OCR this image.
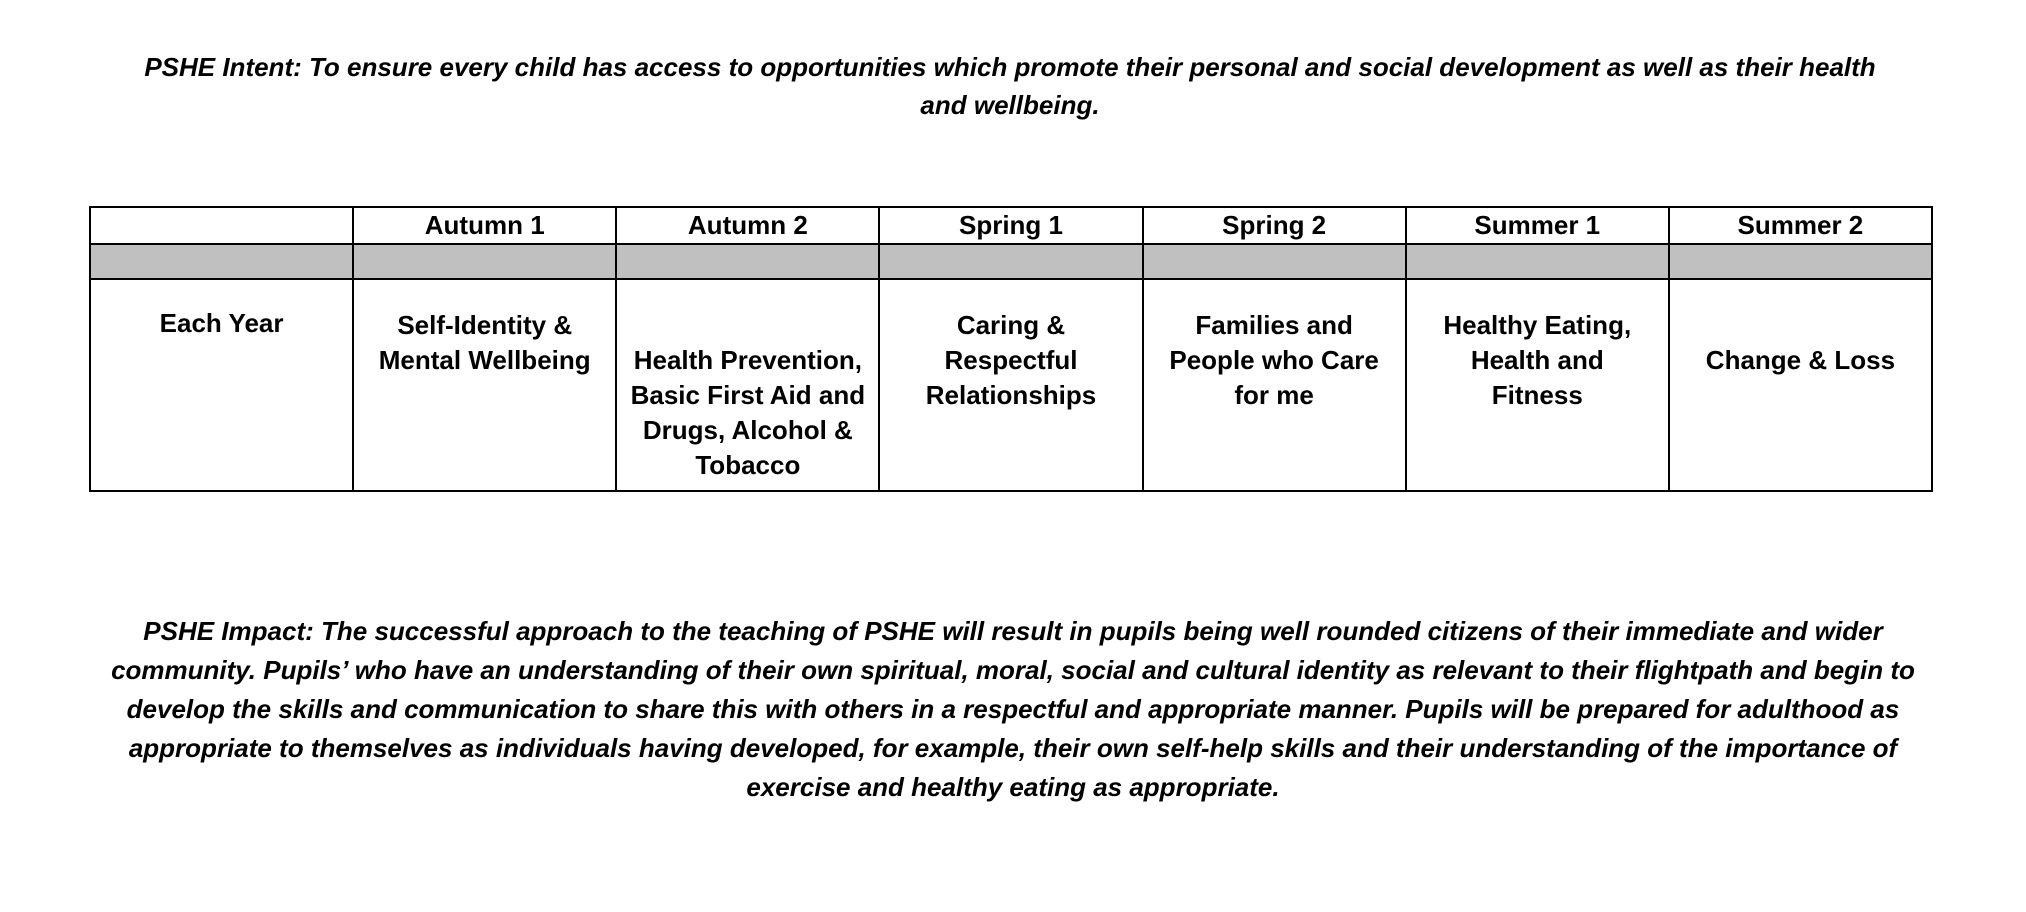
PSHE Intent: To ensure every child has access to opportunities which promote their personal and social development as well as their health and wellbeing.
	Autumn 1	Autumn 2	Spring 1	Spring 2	Summer 1	Summer 2

Each Year	Self-Identity & Mental Wellbeing	Health Prevention, Basic First Aid and Drugs, Alcohol & Tobacco	Caring & Respectful Relationships	Families and People who Care for me	Healthy Eating, Health and Fitness	Change & Loss
PSHE Impact: The successful approach to the teaching of PSHE will result in pupils being well rounded citizens of their immediate and wider community. Pupils’ who have an understanding of their own spiritual, moral, social and cultural identity as relevant to their flightpath and begin to develop the skills and communication to share this with others in a respectful and appropriate manner. Pupils will be prepared for adulthood as appropriate to themselves as individuals having developed, for example, their own self-help skills and their understanding of the importance of exercise and healthy eating as appropriate.
